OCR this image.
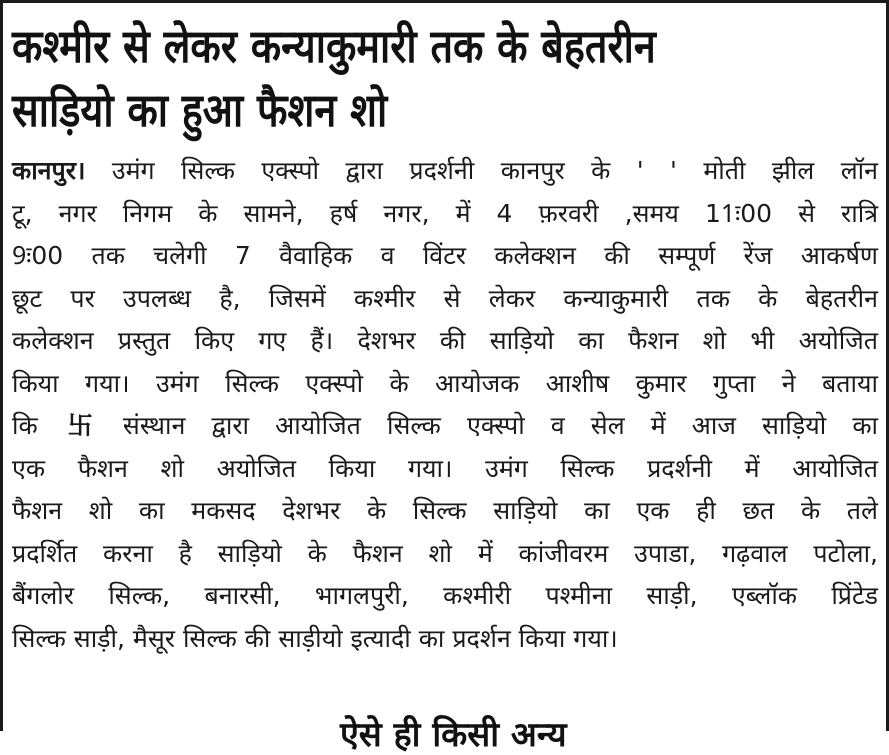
कश्मीर से लेकर कन्याकुमारी तक के बेहतरीन
साड़ियो का हुआ फैशन शो
कानपुर। उमंग सिल्क एक्स्पो द्वारा प्रदर्शनी कानपुर के ' ' मोती झील लॉन
टू, नगर निगम के सामने, हर्ष नगर, में 4 फ़रवरी ,समय 11ः00 से रात्रि
9ः00 तक चलेगी 7 वैवाहिक व विंटर कलेक्शन की सम्पूर्ण रेंज आकर्षण
छूट पर उपलब्ध है, जिसमें कश्मीर से लेकर कन्याकुमारी तक के बेहतरीन
कलेक्शन प्रस्तुत किए गए हैं। देशभर की साड़ियो का फैशन शो भी अयोजित
किया गया। उमंग सिल्क एक्स्पो के आयोजक आशीष कुमार गुप्ता ने बताया
कि 卐 संस्थान द्वारा आयोजित सिल्क एक्स्पो व सेल में आज साड़ियो का
एक फैशन शो अयोजित किया गया। उमंग सिल्क प्रदर्शनी में आयोजित
फैशन शो का मकसद देशभर के सिल्क साड़ियो का एक ही छत के तले
प्रदर्शित करना है साड़ियो के फैशन शो में कांजीवरम उपाडा, गढ़वाल पटोला,
बैंगलोर सिल्क, बनारसी, भागलपुरी, कश्मीरी पश्मीना साड़ी, एब्लॉक प्रिंटेड
सिल्क साड़ी, मैसूर सिल्क की साड़ीयो इत्यादी का प्रदर्शन किया गया।
ऐसे ही किसी अन्य
